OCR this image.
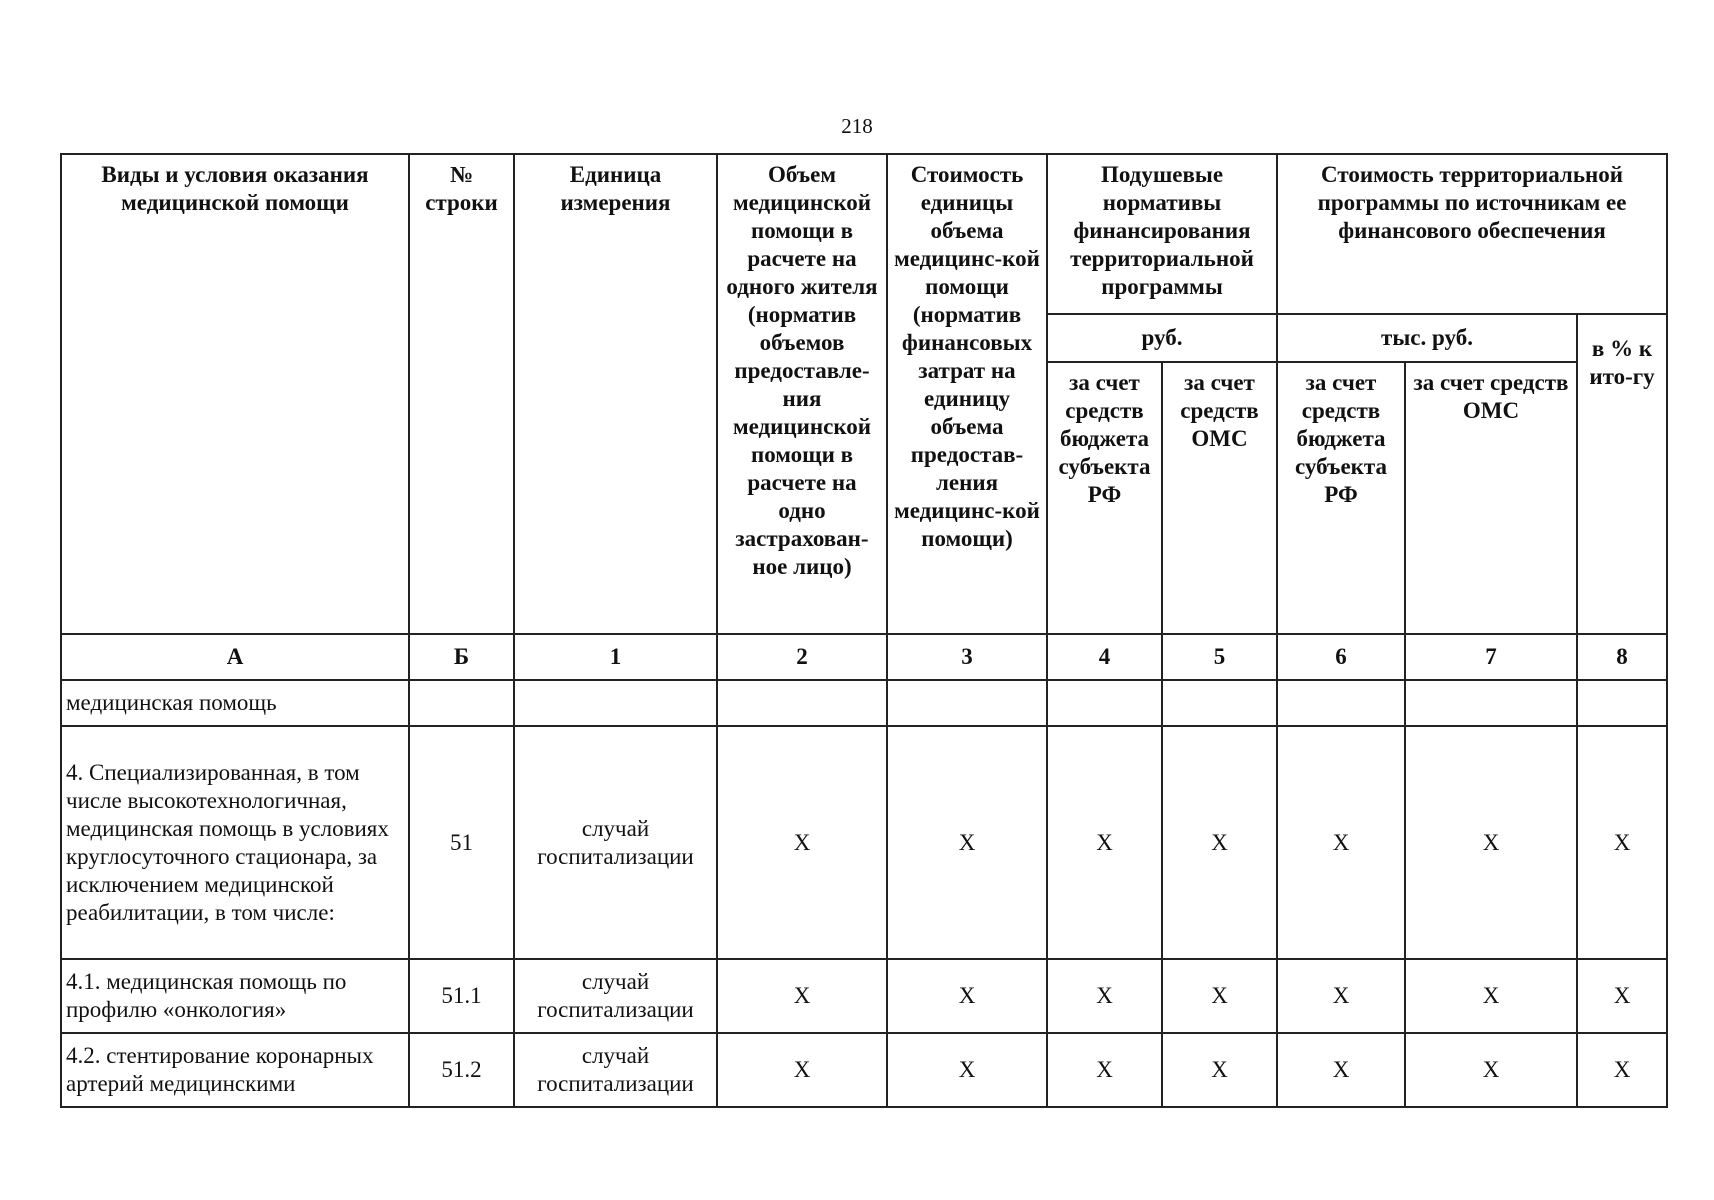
218
Виды и условия оказания медицинской помощи	№ строки	Единица измерения	Объем медицинской помощи в расчете на одного жителя (норматив объемов предоставле-ния медицинской помощи в расчете на одно застрахован-ное лицо)	Стоимость единицы объема медицинс-кой помощи (норматив финансовых затрат на единицу объема предостав-ления медицинс-кой помощи)	Подушевые нормативы финансирования территориальной программы		Стоимость территориальной программы по источникам ее финансового обеспечения		
					руб.		тыс. руб.		в % к ито-гу
					за счет средств бюджета субъекта РФ	за счет средств ОМС	за счет средств бюджета субъекта РФ	за счет средств ОМС	
А	Б	1	2	3	4	5	6	7	8
медицинская помощь									
4. Специализированная, в том числе высокотехнологичная, медицинская помощь в условиях круглосуточного стационара, за исключением медицинской реабилитации, в том числе:	51	случай госпитализации	X	X	X	X	X	X	X
4.1. медицинская помощь по профилю «онкология»	51.1	случай госпитализации	X	X	X	X	X	X	X
4.2. стентирование коронарных артерий медицинскими	51.2	случай госпитализации	X	X	X	X	X	X	X
